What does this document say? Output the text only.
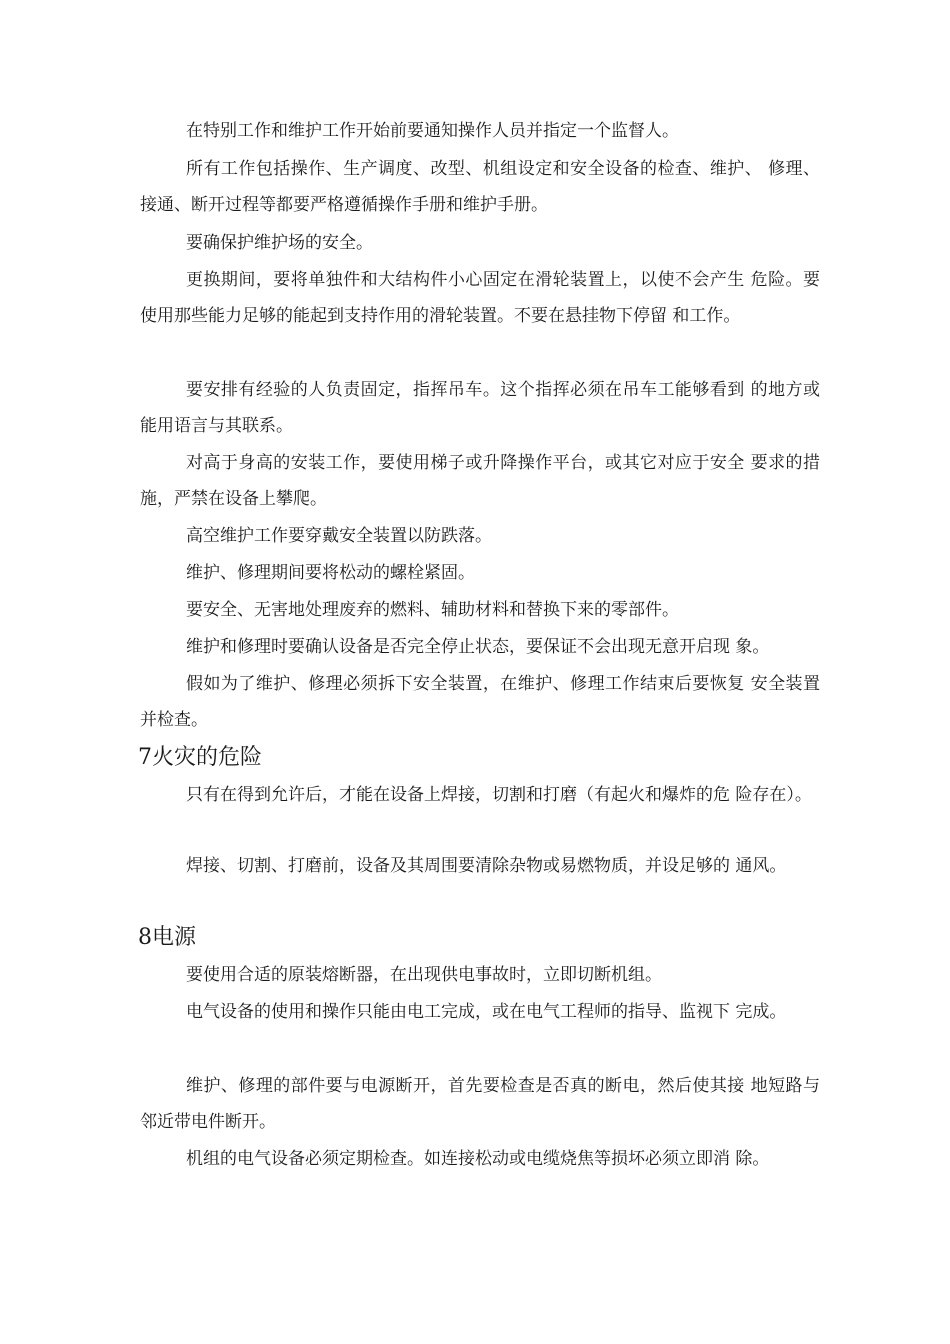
在特别工作和维护工作开始前要通知操作人员并指定一个监督人。

所有工作包括操作、生产调度、改型、机组设定和安全设备的检查、维护、 修理、接通、断开过程等都要严格遵循操作手册和维护手册。

要确保护维护场的安全。

更换期间，要将单独件和大结构件小心固定在滑轮装置上，以使不会产生 危险。要使用那些能力足够的能起到支持作用的滑轮装置。不要在悬挂物下停留 和工作。

要安排有经验的人负责固定，指挥吊车。这个指挥必须在吊车工能够看到 的地方或能用语言与其联系。

对高于身高的安装工作，要使用梯子或升降操作平台，或其它对应于安全 要求的措施，严禁在设备上攀爬。

高空维护工作要穿戴安全装置以防跌落。

维护、修理期间要将松动的螺栓紧固。

要安全、无害地处理废弃的燃料、辅助材料和替换下来的零部件。

维护和修理时要确认设备是否完全停止状态，要保证不会出现无意开启现 象。

假如为了维护、修理必须拆下安全装置，在维护、修理工作结束后要恢复 安全装置并检查。

7火灾的危险

只有在得到允许后，才能在设备上焊接，切割和打磨（有起火和爆炸的危 险存在）。

焊接、切割、打磨前，设备及其周围要清除杂物或易燃物质，并设足够的 通风。

8电源

要使用合适的原装熔断器，在出现供电事故时，立即切断机组。

电气设备的使用和操作只能由电工完成，或在电气工程师的指导、监视下 完成。

维护、修理的部件要与电源断开，首先要检查是否真的断电，然后使其接 地短路与邻近带电件断开。

机组的电气设备必须定期检查。如连接松动或电缆烧焦等损坏必须立即消 除。
